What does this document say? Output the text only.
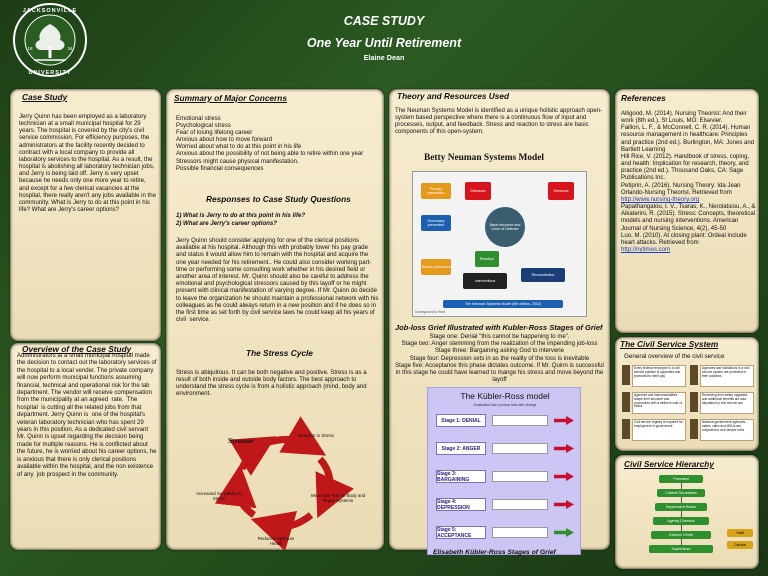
JACKSONVILLE
UNIVERSITY
18	34
CASE STUDY
One Year Until Retirement
Elaine Dean
Case Study
Jerry Quinn has been employed as a laboratory technician at a small municipal hospital for 29 years. The hospital is covered by the city's civil service commission. For efficiency purposes, the administrators at the facility recently decided to contract with a local company to provide all laboratory services to the hospital. As a result, the hospital is abolishing all laboratory technician jobs, and Jerry is being laid off. Jerry is very upset because he needs only one more year to retire, and except for a few clerical vacancies at the hospital, there really aren't any jobs available in the community. What is Jerry to do at this point in his life? What are Jerry's career options?
Overview of the Case Study
Administrators at a small municipal hospital made the decision to contact out the laboratory services of the hospital to a local vender. The private company will now perform municipal functions assuming financial, technical and operational risk for the lab department. The vendor will receive compensation from the municipality at an agreed  rate.  The hospital  is cutting all the related jobs from that department. Jerry Quinn is  one of the hospital's veteran laboratory technician who has spent 29 years in this position. As a dedicated civil servant Mr. Quinn is upset regarding the decision being made for multiple reasons. He is conflicted about the future, he is worried about his career options, he is anxious that there is only clerical positions available within the hospital, and the non existence of any  job prospect in the community.
Summary of Major Concerns
Emotional stress
Psychological stress
Fear of losing lifelong career
Anxious about how to move forward
Worried about what to do at this point in his life
Anxious about the possibility of not being able to retire within one year
Stressors might cause physical manifestation.
Possible financial consequences
Responses to Case Study Questions
1) What is Jerry to do at this point in his life?
2) What are Jerry's career options?
Jerry Quinn should consider applying for one of the clerical positions available at his hospital. Although this with probably lower his pay grade and status it would allow him to remain with the hospital and acquire the one year needed for his retirement.. He could also consider working part-time or performing some consulting work whether in his desired field or another area of interest. Mr. Quinn should also be careful to address the emotional and psychological stressors caused by this layoff or he might present with clinical manifestation of varying degree. If Mr. Quinn do decide to leave the organization he should maintain a professional network with his colleagues as he could always return in a new position and if he does so in the first time as set forth by civil service laws he could keep all his years of civil  service.
The Stress Cycle
Stress is abiquitous. It can be both negative and positive. Stress is as a result of both inside and outside body factors. The best approach to understand the stress cycle is from a holistic approach (mind, body and environment.
Stressor
Reaction to Stress
Wear and Tear on Body and Organ Systems
Reduced Optimum Health
Increased Sensitivity to Stress
Theory and Resources Used
The Neuman Systems Model is identified as a unique holistic approach open-system based perspective where there is a continuous flow of input and processes, output, and feedback. Stress and reaction to stress are basic components of this open-system.
Betty Neuman Systems Model
Primary prevention
Stressors	Stressors
Secondary prevention	Basic structure and Lines of Defense
Reaction
Tertiary prevention
Interventions
Reconstitution
The Neuman Systems Model (6th edition, 2002)
Underground to Hear
Job-loss Grief Illustrated with Kubler-Ross Stages of Grief
Stage one: Denial "this cannot be happening to me".
Stage two: Anger stemming from the realization of the impending job-loss
Stage three: Bargaining asking God to intervene
Stage four: Depression sets in as the reality of the loss is inevitable
Stage five: Acceptance this phase dictates outcome. If Mr. Quinn is successful in this stage he could have learned to mange his stress and move beyond the layoff
The Kübler-Ross model
Understand how a person feels after change
Stage 1: DENIAL
Stage 2: ANGER
Stage 3: BARGAINING
Stage 4: DEPRESSION
Stage 5: ACCEPTANCE
Elisabeth Kübler-Ross Stages of Grief
References
Alligood, M. (2014). Nursing Theorist: And their work (8th ed.). St Louis, MO: Elsevier.
Faillon, L. F., & McConnell, C. R. (2014). Human resource management in healthcare: Principles and practice (2nd ed.). Burlington, MA: Jones and Bartlett Learning
Hill Rice, V. (2012). Handbook of stress, coping, and health: Implication for research, theory, and practice (2nd ed.). Thousand Oaks, CA: Sage Publications Inc.
Petiprin, A. (2016). Nursing Theory: Ida Jean Orlando-Nursing Theorist. Retrieved from
http://www.nursing-theory.org
Papathangalou, I. V., Tsaras, K., Nerolatsiou, A., & Aikaterini, R. (2015). Stress: Concepts, theoretical models and nursing interventions. American Journal of Nursing Science, 4(2), 45-50
Luo, M. (2010). At closing plant: Ordeal include heart attacks. Retrieved from
http://nytimes.com
The Civil Service System
General overview of the civil service
Every federal employee in a civil service position is appointed and promoted to merit pay
Agencies and institutions in a civil service system are protected in their positions
Agencies and instrumentalities shape their structure and procedures with a defined code of ethics
Reviewing their salary upgrades and additional benefits are also stipulated by civil service law
Civil service registry is required for employment in government
National government agencies, states, cities and MSUs are subjected to civil service rules
Civil Service Hierarchy
President
Cabinet Secretaries
Department Heads
Agency Directors
Division Chiefs
Supervisors
Staff
Clerical
